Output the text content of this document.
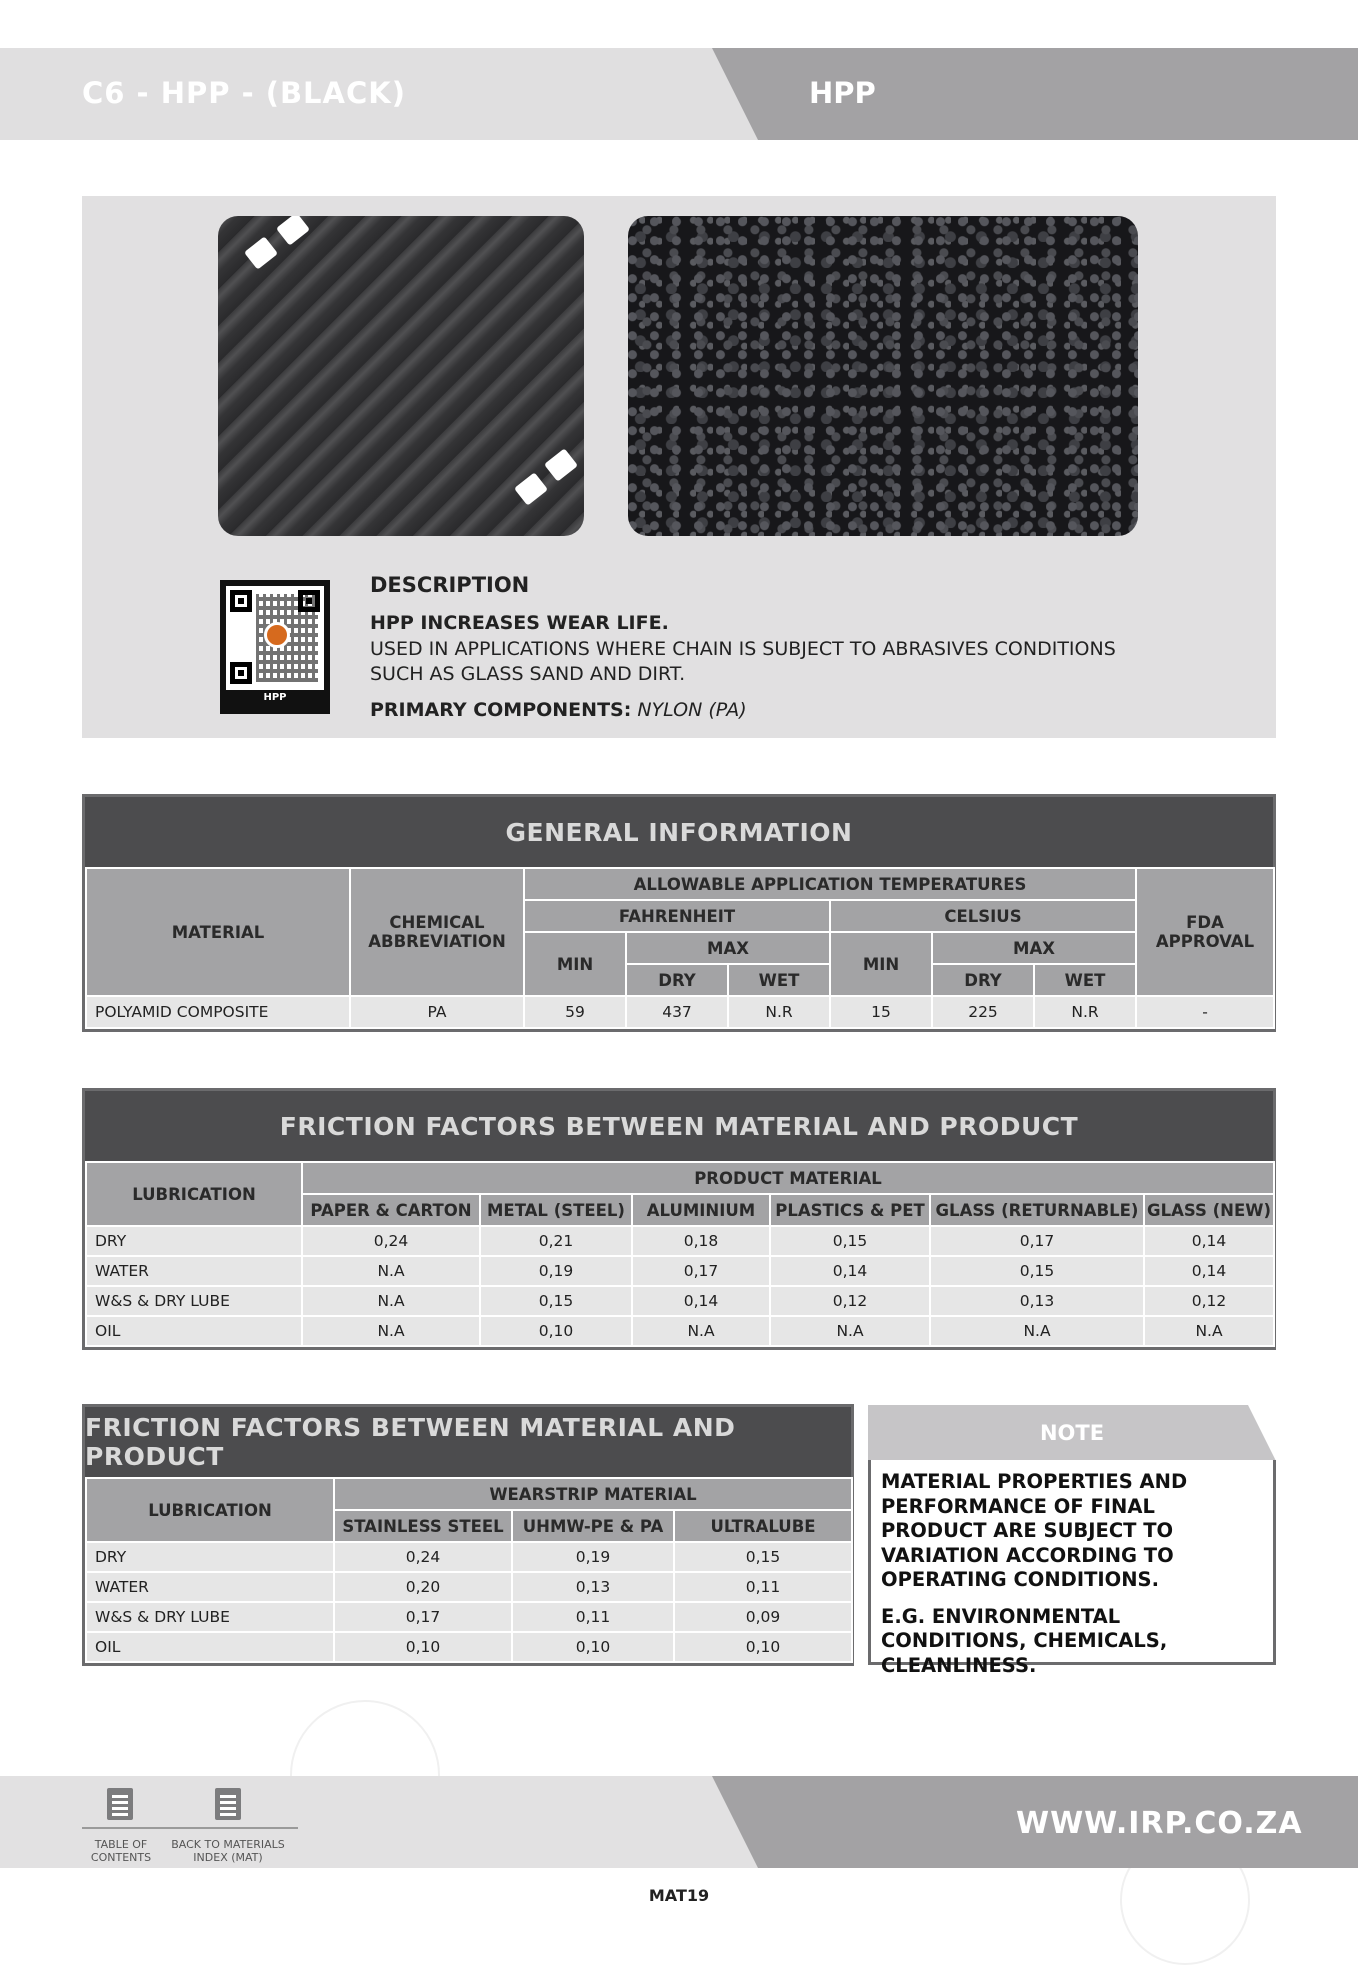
C6 - HPP - (BLACK)	HPP
HPP
DESCRIPTION
HPP INCREASES WEAR LIFE.
USED IN APPLICATIONS WHERE CHAIN IS SUBJECT TO ABRASIVES CONDITIONS SUCH AS GLASS SAND AND DIRT.
PRIMARY COMPONENTS: NYLON (PA)
GENERAL INFORMATION
MATERIAL	CHEMICAL ABBREVIATION	ALLOWABLE APPLICATION TEMPERATURES						FDA APPROVAL
		FAHRENHEIT			CELSIUS			
		MIN	MAX		MIN	MAX		
			DRY	WET		DRY	WET	
POLYAMID COMPOSITE	PA	59	437	N.R	15	225	N.R	-
FRICTION FACTORS BETWEEN MATERIAL AND PRODUCT
LUBRICATION	PRODUCT MATERIAL					
	PAPER & CARTON	METAL (STEEL)	ALUMINIUM	PLASTICS & PET	GLASS (RETURNABLE)	GLASS (NEW)
DRY	0,24	0,21	0,18	0,15	0,17	0,14
WATER	N.A	0,19	0,17	0,14	0,15	0,14
W&S & DRY LUBE	N.A	0,15	0,14	0,12	0,13	0,12
OIL	N.A	0,10	N.A	N.A	N.A	N.A
FRICTION FACTORS BETWEEN MATERIAL AND PRODUCT
LUBRICATION	WEARSTRIP MATERIAL		
	STAINLESS STEEL	UHMW-PE & PA	ULTRALUBE
DRY	0,24	0,19	0,15
WATER	0,20	0,13	0,11
W&S & DRY LUBE	0,17	0,11	0,09
OIL	0,10	0,10	0,10
NOTE

MATERIAL PROPERTIES AND PERFORMANCE OF FINAL PRODUCT ARE SUBJECT TO VARIATION ACCORDING TO OPERATING CONDITIONS.

E.G. ENVIRONMENTAL CONDITIONS, CHEMICALS, CLEANLINESS.

TABLE OF CONTENTS
BACK TO MATERIALS INDEX (MAT)
WWW.IRP.CO.ZA
MAT19
